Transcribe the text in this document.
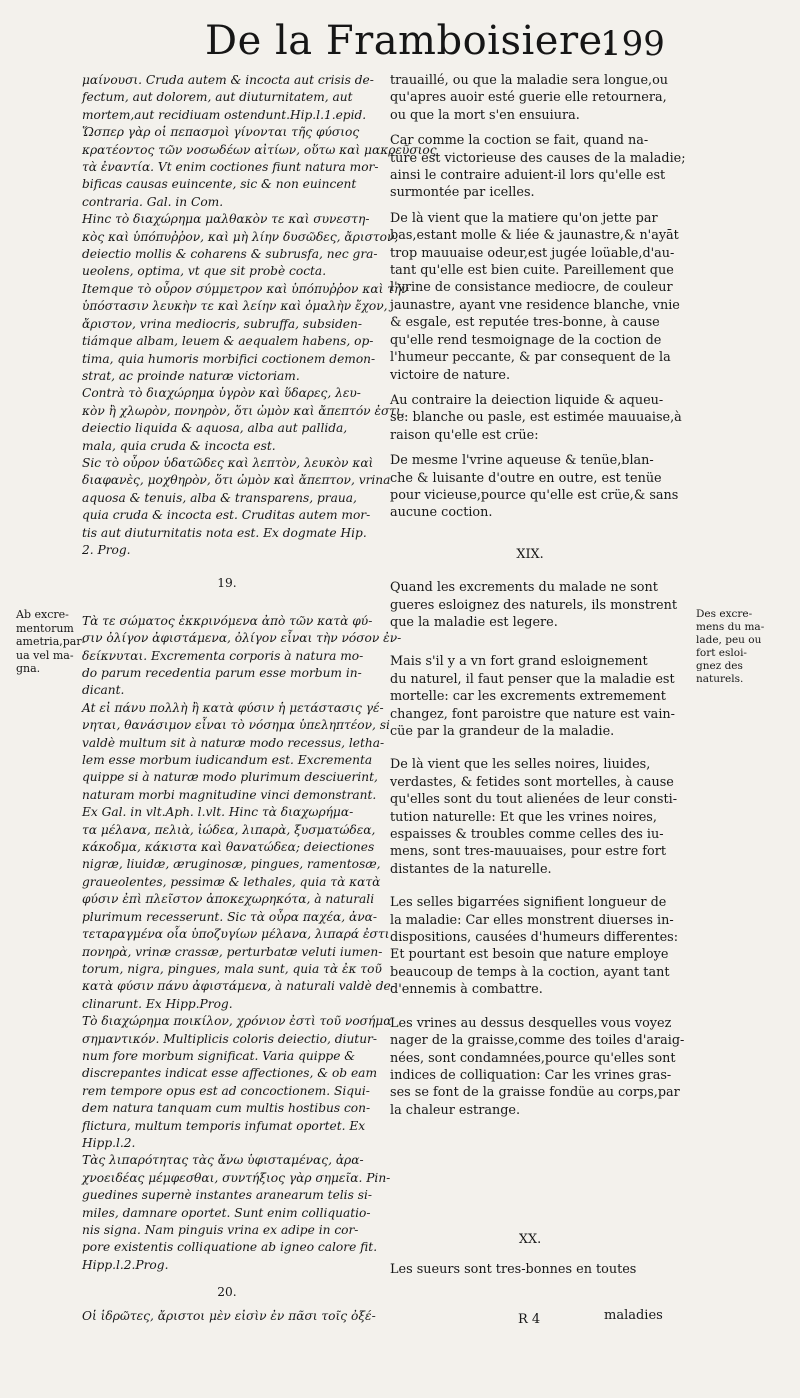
De la Framboisiere.
199
μαίνουσι. Cruda autem & incocta aut crisis de-
fectum, aut dolorem, aut diuturnitatem, aut
mortem,aut recidiuam ostendunt.Hip.l.1.epid.
Ὥσπερ γὰρ οἱ πεπασμοὶ γίνονται τῆς φύσιος
κρατέοντος τῶν νοσωδέων αἰτίων, οὕτω καὶ μακρεῦσιος
τὰ ἐναντία. Vt enim coctiones fiunt natura mor-
bificas causas euincente, sic & non euincent
contraria. Gal. in Com.
Hinc τὸ διαχώρημα μαλθακὸν τε καὶ συνεστη-
κὸς καὶ ὑπόπυῤῥον, καὶ μὴ λίην δυσῶδες, ἄριστον,
deiectio mollis & coharens & subrusfa, nec gra-
ueolens, optima, vt que sit probè cocta.
Itemque τὸ οὖρον σύμμετρον καὶ ὑπόπυῤῥον καὶ τὴν
ὑπόστασιν λευκὴν τε καὶ λείην καὶ ὁμαλὴν ἔχον,
ἄριστον, vrina mediocris, subruffa, subsiden-
tiámque albam, leuem & aequalem habens, op-
tima, quia humoris morbifici coctionem demon-
strat, ac proinde naturæ victoriam.
Contrà τὸ διαχώρημα ὑγρὸν καὶ ὕδαρες, λευ-
κὸν ἢ χλωρὸν, πονηρὸν, ὅτι ὠμὸν καὶ ἄπεπτόν ἐστι,
deiectio liquida & aquosa, alba aut pallida,
mala, quia cruda & incocta est.
Sic τὸ οὖρον ὑδατῶδες καὶ λεπτὸν, λευκὸν καὶ
διαφανὲς, μοχθηρὸν, ὅτι ὠμὸν καὶ ἄπεπτον, vrina
aquosa & tenuis, alba & transparens, praua,
quia cruda & incocta est. Cruditas autem mor-
tis aut diuturnitatis nota est. Ex dogmate Hip.
2. Prog.
19.
Τὰ τε σώματος ἐκκρινόμενα ἀπὸ τῶν κατὰ φύ-
σιν ὀλίγον ἀφιστάμενα, ὀλίγον εἶναι τὴν νόσον ἐν-
δείκνυται. Excrementa corporis à natura mo-
do parum recedentia parum esse morbum in-
dicant.
At εἰ πάνυ πολλὴ ἢ κατὰ φύσιν ἡ μετάστασις γέ-
νηται, θανάσιμον εἶναι τὸ νόσημα ὑπεληπτέον, si
valdè multum sit à naturæ modo recessus, letha-
lem esse morbum iudicandum est. Excrementa
quippe si à naturæ modo plurimum desciuerint,
naturam morbi magnitudine vinci demonstrant.
Ex Gal. in vlt.Aph. l.vlt. Hinc τὰ διαχωρήμα-
τα μέλανα, πελιὰ, ἰώδεα, λιπαρὰ, ξυσματώδεα,
κάκοδμα, κάκιστα καὶ θανατώδεα; deiectiones
nigræ, liuidæ, æruginosæ, pingues, ramentosæ,
graueolentes, pessimæ & lethales, quia τὰ κατὰ
φύσιν ἐπὶ πλεῖστον ἀποκεχωρηκότα, à naturali
plurimum recesserunt. Sic τὰ οὖρα παχέα, ἀνα-
τεταραγμένα οἷα ὑποζυγίων μέλανα, λιπαρά ἐστι
πονηρὰ, vrinæ crassæ, perturbatæ veluti iumen-
torum, nigra, pingues, mala sunt, quia τὰ ἐκ τοῦ
κατὰ φύσιν πάνυ ἀφιστάμενα, à naturali valdè de-
clinarunt. Ex Hipp.Prog.
Τὸ διαχώρημα ποικίλον, χρόνιον ἐστὶ τοῦ νοσήμα
σημαντικόν. Multiplicis coloris deiectio, diutur-
num fore morbum significat. Varia quippe &
discrepantes indicat esse affectiones, & ob eam
rem tempore opus est ad concoctionem. Siqui-
dem natura tanquam cum multis hostibus con-
flictura, multum temporis infumat oportet. Ex
Hipp.l.2.
Τὰς λιπαρότητας τὰς ἄνω ὑφισταμένας, ἀρα-
χνοειδέας μέμφεσθαι, συντήξιος γὰρ σημεῖα. Pin-
guedines supernè instantes aranearum telis si-
miles, damnare oportet. Sunt enim colliquatio-
nis signa. Nam pinguis vrina ex adipe in cor-
pore existentis colliquatione ab igneo calore fit.
Hipp.l.2.Prog.
20.
Οἱ ἱδρῶτες, ἄριστοι μὲν εἰσὶν ἐν πᾶσι τοῖς ὀξέ-
trauaillé, ou que la maladie sera longue,ou
qu'apres auoir esté guerie elle retournera,
ou que la mort s'en ensuiura.
Car comme la coction se fait, quand na-
ture est victorieuse des causes de la maladie;
ainsi le contraire aduient-il lors qu'elle est
surmontée par icelles.
De là vient que la matiere qu'on jette par
bas,estant molle & liée & jaunastre,& n'ayāt
trop mauuaise odeur,est jugée loüable,d'au-
tant qu'elle est bien cuite. Pareillement que
l'vrine de consistance mediocre, de couleur
jaunastre, ayant vne residence blanche, vnie
& esgale, est reputée tres-bonne, à cause
qu'elle rend tesmoignage de la coction de
l'humeur peccante, & par consequent de la
victoire de nature.
Au contraire la deiection liquide & aqueu-
se: blanche ou pasle, est estimée mauuaise,à
raison qu'elle est crüe:
De mesme l'vrine aqueuse & tenüe,blan-
che & luisante d'outre en outre, est tenüe
pour vicieuse,pource qu'elle est crüe,& sans
aucune coction.
XIX.
Quand les excrements du malade ne sont
gueres esloignez des naturels, ils monstrent
que la maladie est legere.
Mais s'il y a vn fort grand esloignement
du naturel, il faut penser que la maladie est
mortelle: car les excrements extremement
changez, font paroistre que nature est vain-
cüe par la grandeur de la maladie.
De là vient que les selles noires, liuides,
verdastes, & fetides sont mortelles, à cause
qu'elles sont du tout alienées de leur consti-
tution naturelle: Et que les vrines noires,
espaisses & troubles comme celles des iu-
mens, sont tres-mauuaises, pour estre fort
distantes de la naturelle.
Les selles bigarrées signifient longueur de
la maladie: Car elles monstrent diuerses in-
dispositions, causées d'humeurs differentes:
Et pourtant est besoin que nature employe
beaucoup de temps à la coction, ayant tant
d'ennemis à combattre.
Les vrines au dessus desquelles vous voyez
nager de la graisse,comme des toiles d'araig-
nées, sont condamnées,pource qu'elles sont
indices de colliquation: Car les vrines gras-
ses se font de la graisse fondüe au corps,par
la chaleur estrange.
XX.
Les sueurs sont tres-bonnes en toutes
Ab excre-
mentorum
ametria,par-
ua vel ma-
gna.
Des excre-
mens du ma-
lade, peu ou
fort esloi-
gnez des
naturels.
R 4	maladies
